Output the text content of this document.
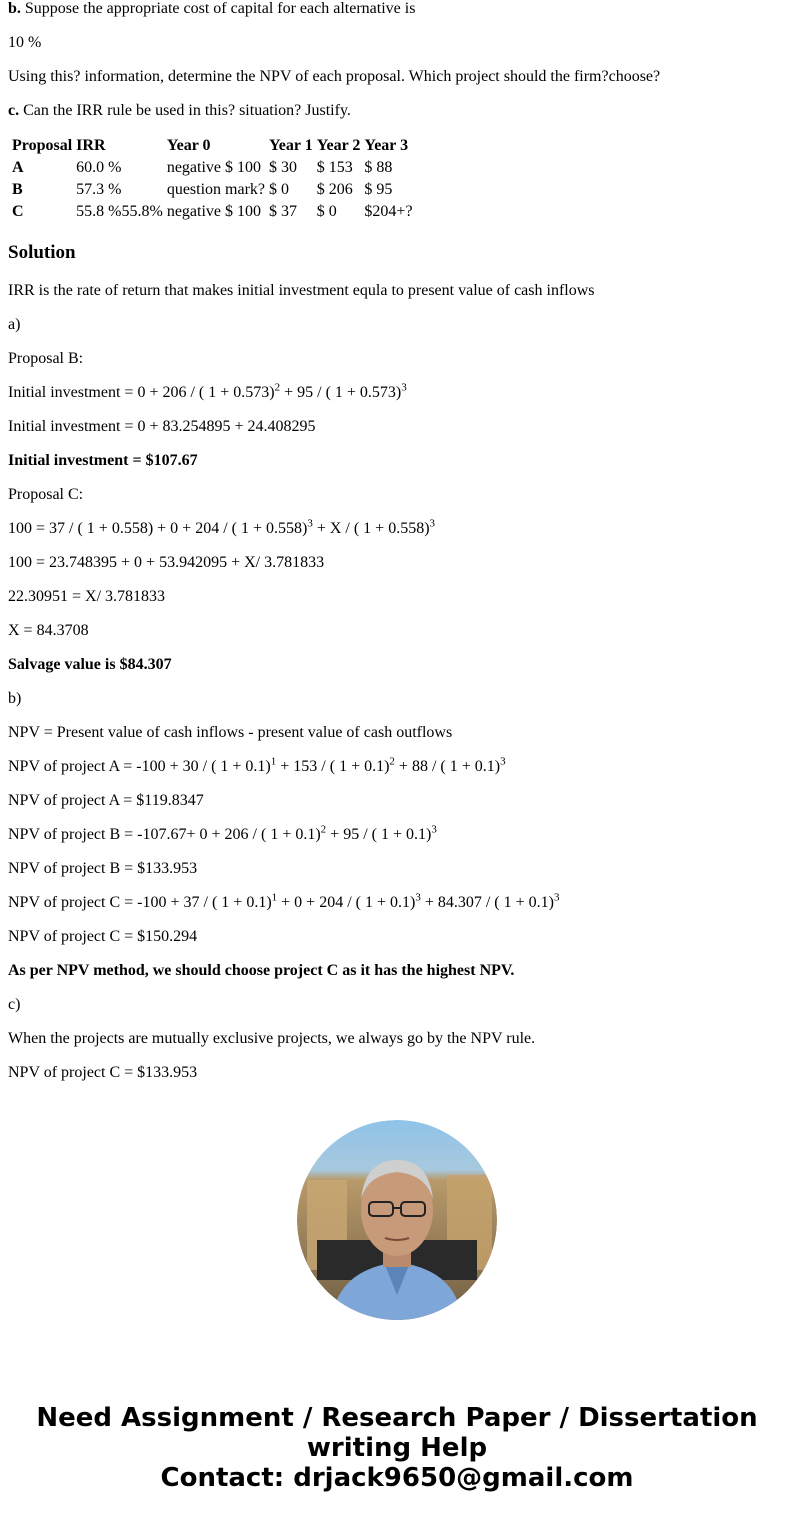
b. Suppose the appropriate cost of capital for each alternative is

10 %

Using this? information, determine the NPV of each proposal. Which project should the firm?choose?

c. Can the IRR rule be used in this? situation? Justify.

Proposal	IRR	Year 0	Year 1	Year 2	Year 3
A	60.0 %	negative $ 100	$ 30	$ 153	$ 88
B	57.3 %	question mark?	$ 0	$ 206	$ 95
C	55.8 %55.8%	negative $ 100	$ 37	$ 0	$204+?
Solution

IRR is the rate of return that makes initial investment equla to present value of cash inflows

a)

Proposal B:

Initial investment = 0 + 206 / ( 1 + 0.573)$^2$ + 95 / ( 1 + 0.573)$^3$

Initial investment = 0 + 83.254895 + 24.408295

Initial investment = $107.67

Proposal C:

100 = 37 / ( 1 + 0.558) + 0 + 204 / ( 1 + 0.558)$^3$ + X / ( 1 + 0.558)$^3$

100 = 23.748395 + 0 + 53.942095 + X/ 3.781833

22.30951 = X/ 3.781833

X = 84.3708

Salvage value is $84.307

b)

NPV = Present value of cash inflows - present value of cash outflows

NPV of project A = -100 + 30 / ( 1 + 0.1)$^1$ + 153 / ( 1 + 0.1)$^2$ + 88 / ( 1 + 0.1)$^3$

NPV of project A = $119.8347

NPV of project B = -107.67+ 0 + 206 / ( 1 + 0.1)$^2$ + 95 / ( 1 + 0.1)$^3$

NPV of project B = $133.953

NPV of project C = -100 + 37 / ( 1 + 0.1)$^1$ + 0 + 204 / ( 1 + 0.1)$^3$ + 84.307 / ( 1 + 0.1)$^3$

NPV of project C = $150.294

As per NPV method, we should choose project C as it has the highest NPV.

c)

When the projects are mutually exclusive projects, we always go by the NPV rule.

NPV of project C = $133.953

Need Assignment / Research Paper / Dissertation
writing Help
Contact: drjack9650@gmail.com
